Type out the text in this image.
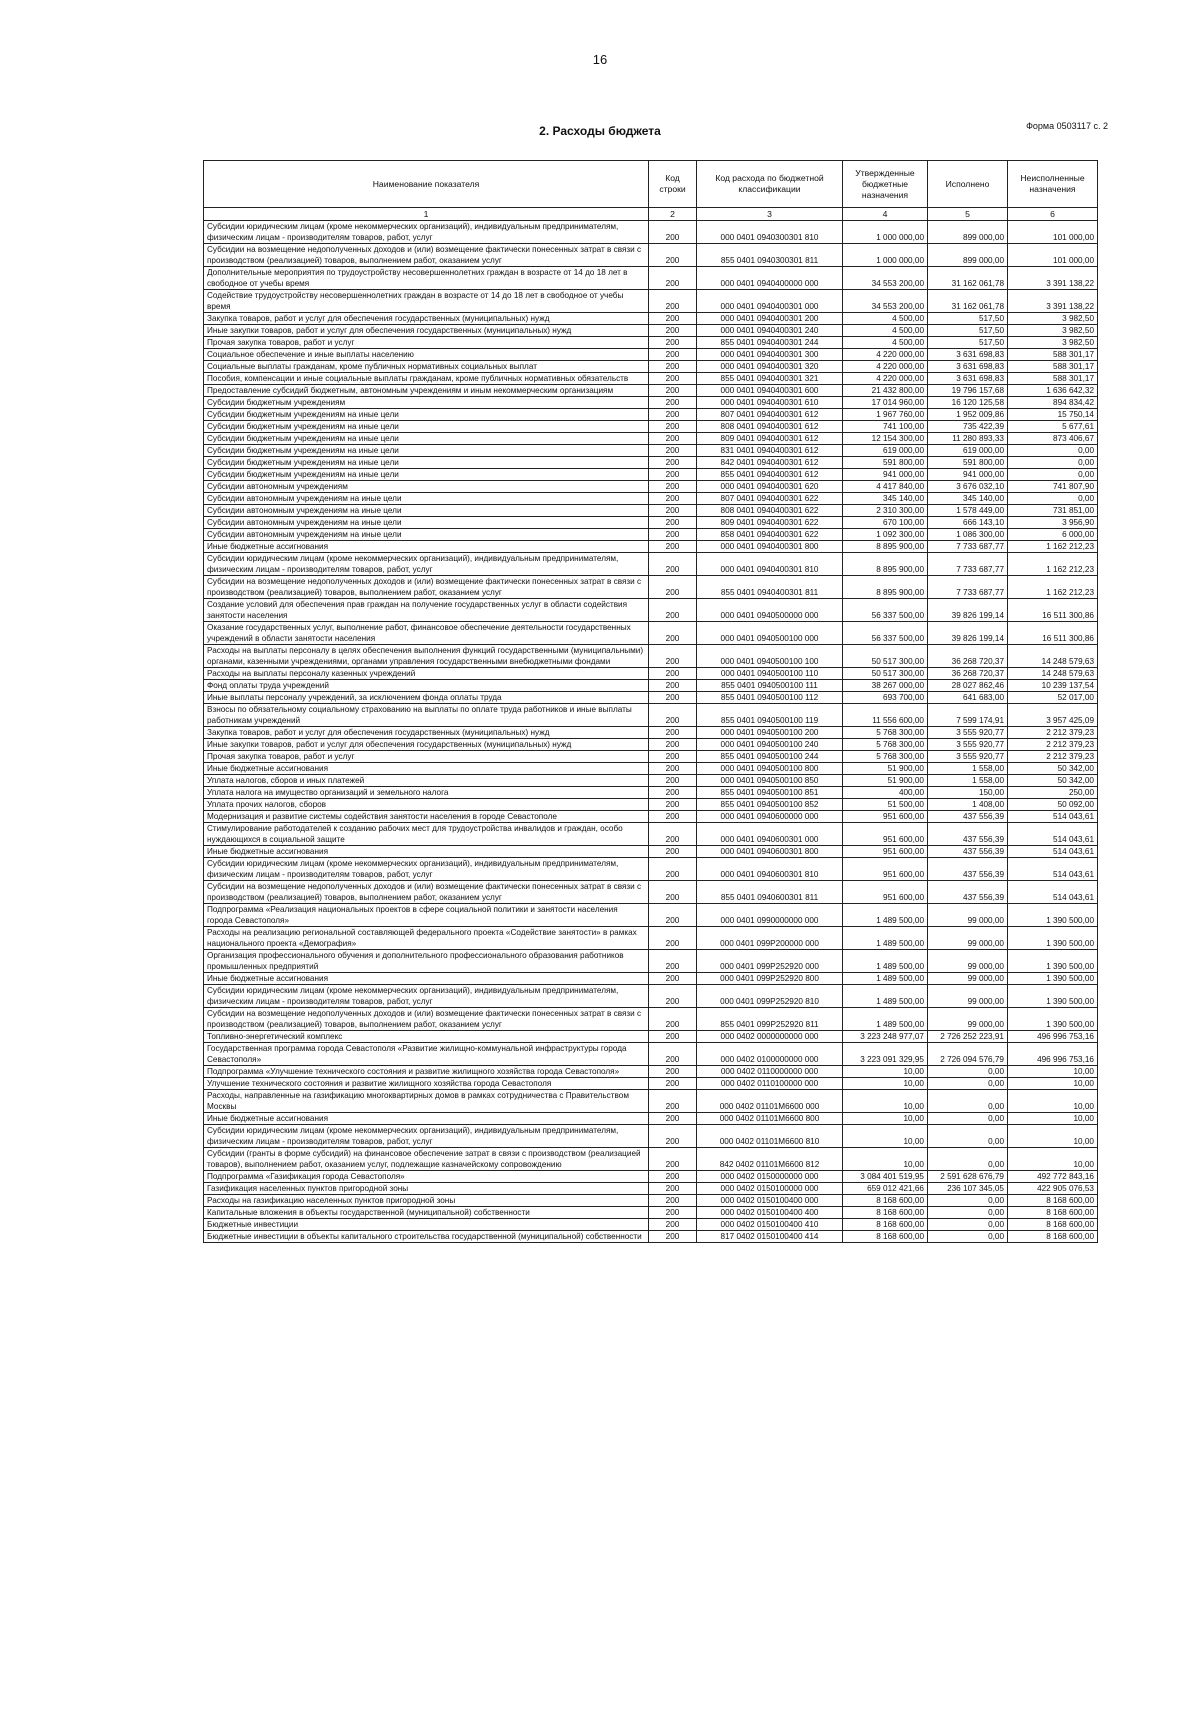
16
Форма 0503117 с. 2
2. Расходы бюджета
Наименование показателя	Код строки	Код расхода по бюджетной классификации	Утвержденные бюджетные назначения	Исполнено	Неисполненные назначения
1	2	3	4	5	6
Субсидии юридическим лицам (кроме некоммерческих организаций), индивидуальным предпринимателям, физическим лицам - производителям товаров, работ, услуг	200	000 0401 0940300301 810	1 000 000,00	899 000,00	101 000,00
Субсидии на возмещение недополученных доходов и (или) возмещение фактически понесенных затрат в связи с производством (реализацией) товаров, выполнением работ, оказанием услуг	200	855 0401 0940300301 811	1 000 000,00	899 000,00	101 000,00
Дополнительные мероприятия по трудоустройству несовершеннолетних граждан в возрасте от 14 до 18 лет в свободное от учебы время	200	000 0401 0940400000 000	34 553 200,00	31 162 061,78	3 391 138,22
Содействие трудоустройству несовершеннолетних граждан в возрасте от 14 до 18 лет в свободное от учебы время	200	000 0401 0940400301 000	34 553 200,00	31 162 061,78	3 391 138,22
Закупка товаров, работ и услуг для обеспечения государственных (муниципальных) нужд	200	000 0401 0940400301 200	4 500,00	517,50	3 982,50
Иные закупки товаров, работ и услуг для обеспечения государственных (муниципальных) нужд	200	000 0401 0940400301 240	4 500,00	517,50	3 982,50
Прочая закупка товаров, работ и услуг	200	855 0401 0940400301 244	4 500,00	517,50	3 982,50
Социальное обеспечение и иные выплаты населению	200	000 0401 0940400301 300	4 220 000,00	3 631 698,83	588 301,17
Социальные выплаты гражданам, кроме публичных нормативных социальных выплат	200	000 0401 0940400301 320	4 220 000,00	3 631 698,83	588 301,17
Пособия, компенсации и иные социальные выплаты гражданам, кроме публичных нормативных обязательств	200	855 0401 0940400301 321	4 220 000,00	3 631 698,83	588 301,17
Предоставление субсидий бюджетным, автономным учреждениям и иным некоммерческим организациям	200	000 0401 0940400301 600	21 432 800,00	19 796 157,68	1 636 642,32
Субсидии бюджетным учреждениям	200	000 0401 0940400301 610	17 014 960,00	16 120 125,58	894 834,42
Субсидии бюджетным учреждениям на иные цели	200	807 0401 0940400301 612	1 967 760,00	1 952 009,86	15 750,14
Субсидии бюджетным учреждениям на иные цели	200	808 0401 0940400301 612	741 100,00	735 422,39	5 677,61
Субсидии бюджетным учреждениям на иные цели	200	809 0401 0940400301 612	12 154 300,00	11 280 893,33	873 406,67
Субсидии бюджетным учреждениям на иные цели	200	831 0401 0940400301 612	619 000,00	619 000,00	0,00
Субсидии бюджетным учреждениям на иные цели	200	842 0401 0940400301 612	591 800,00	591 800,00	0,00
Субсидии бюджетным учреждениям на иные цели	200	855 0401 0940400301 612	941 000,00	941 000,00	0,00
Субсидии автономным учреждениям	200	000 0401 0940400301 620	4 417 840,00	3 676 032,10	741 807,90
Субсидии автономным учреждениям на иные цели	200	807 0401 0940400301 622	345 140,00	345 140,00	0,00
Субсидии автономным учреждениям на иные цели	200	808 0401 0940400301 622	2 310 300,00	1 578 449,00	731 851,00
Субсидии автономным учреждениям на иные цели	200	809 0401 0940400301 622	670 100,00	666 143,10	3 956,90
Субсидии автономным учреждениям на иные цели	200	858 0401 0940400301 622	1 092 300,00	1 086 300,00	6 000,00
Иные бюджетные ассигнования	200	000 0401 0940400301 800	8 895 900,00	7 733 687,77	1 162 212,23
Субсидии юридическим лицам (кроме некоммерческих организаций), индивидуальным предпринимателям, физическим лицам - производителям товаров, работ, услуг	200	000 0401 0940400301 810	8 895 900,00	7 733 687,77	1 162 212,23
Субсидии на возмещение недополученных доходов и (или) возмещение фактически понесенных затрат в связи с производством (реализацией) товаров, выполнением работ, оказанием услуг	200	855 0401 0940400301 811	8 895 900,00	7 733 687,77	1 162 212,23
Создание условий для обеспечения прав граждан на получение государственных услуг в области содействия занятости населения	200	000 0401 0940500000 000	56 337 500,00	39 826 199,14	16 511 300,86
Оказание государственных услуг, выполнение работ, финансовое обеспечение деятельности государственных учреждений в области занятости населения	200	000 0401 0940500100 000	56 337 500,00	39 826 199,14	16 511 300,86
Расходы на выплаты персоналу в целях обеспечения выполнения функций государственными (муниципальными) органами, казенными учреждениями, органами управления государственными внебюджетными фондами	200	000 0401 0940500100 100	50 517 300,00	36 268 720,37	14 248 579,63
Расходы на выплаты персоналу казенных учреждений	200	000 0401 0940500100 110	50 517 300,00	36 268 720,37	14 248 579,63
Фонд оплаты труда учреждений	200	855 0401 0940500100 111	38 267 000,00	28 027 862,46	10 239 137,54
Иные выплаты персоналу учреждений, за исключением фонда оплаты труда	200	855 0401 0940500100 112	693 700,00	641 683,00	52 017,00
Взносы по обязательному социальному страхованию на выплаты по оплате труда работников и иные выплаты работникам учреждений	200	855 0401 0940500100 119	11 556 600,00	7 599 174,91	3 957 425,09
Закупка товаров, работ и услуг для обеспечения государственных (муниципальных) нужд	200	000 0401 0940500100 200	5 768 300,00	3 555 920,77	2 212 379,23
Иные закупки товаров, работ и услуг для обеспечения государственных (муниципальных) нужд	200	000 0401 0940500100 240	5 768 300,00	3 555 920,77	2 212 379,23
Прочая закупка товаров, работ и услуг	200	855 0401 0940500100 244	5 768 300,00	3 555 920,77	2 212 379,23
Иные бюджетные ассигнования	200	000 0401 0940500100 800	51 900,00	1 558,00	50 342,00
Уплата налогов, сборов и иных платежей	200	000 0401 0940500100 850	51 900,00	1 558,00	50 342,00
Уплата налога на имущество организаций и земельного налога	200	855 0401 0940500100 851	400,00	150,00	250,00
Уплата прочих налогов, сборов	200	855 0401 0940500100 852	51 500,00	1 408,00	50 092,00
Модернизация и развитие системы содействия занятости населения в городе Севастополе	200	000 0401 0940600000 000	951 600,00	437 556,39	514 043,61
Стимулирование работодателей к созданию рабочих мест для трудоустройства инвалидов и граждан, особо нуждающихся в социальной защите	200	000 0401 0940600301 000	951 600,00	437 556,39	514 043,61
Иные бюджетные ассигнования	200	000 0401 0940600301 800	951 600,00	437 556,39	514 043,61
Субсидии юридическим лицам (кроме некоммерческих организаций), индивидуальным предпринимателям, физическим лицам - производителям товаров, работ, услуг	200	000 0401 0940600301 810	951 600,00	437 556,39	514 043,61
Субсидии на возмещение недополученных доходов и (или) возмещение фактически понесенных затрат в связи с производством (реализацией) товаров, выполнением работ, оказанием услуг	200	855 0401 0940600301 811	951 600,00	437 556,39	514 043,61
Подпрограмма «Реализация национальных проектов в сфере социальной политики и занятости населения города Севастополя»	200	000 0401 0990000000 000	1 489 500,00	99 000,00	1 390 500,00
Расходы на реализацию региональной составляющей федерального проекта «Содействие занятости» в рамках национального проекта «Демография»	200	000 0401 099P200000 000	1 489 500,00	99 000,00	1 390 500,00
Организация профессионального обучения и дополнительного профессионального образования работников промышленных предприятий	200	000 0401 099P252920 000	1 489 500,00	99 000,00	1 390 500,00
Иные бюджетные ассигнования	200	000 0401 099P252920 800	1 489 500,00	99 000,00	1 390 500,00
Субсидии юридическим лицам (кроме некоммерческих организаций), индивидуальным предпринимателям, физическим лицам - производителям товаров, работ, услуг	200	000 0401 099P252920 810	1 489 500,00	99 000,00	1 390 500,00
Субсидии на возмещение недополученных доходов и (или) возмещение фактически понесенных затрат в связи с производством (реализацией) товаров, выполнением работ, оказанием услуг	200	855 0401 099P252920 811	1 489 500,00	99 000,00	1 390 500,00
Топливно-энергетический комплекс	200	000 0402 0000000000 000	3 223 248 977,07	2 726 252 223,91	496 996 753,16
Государственная программа города Севастополя «Развитие жилищно-коммунальной инфраструктуры города Севастополя»	200	000 0402 0100000000 000	3 223 091 329,95	2 726 094 576,79	496 996 753,16
Подпрограмма «Улучшение технического состояния и развитие жилищного хозяйства города Севастополя»	200	000 0402 0110000000 000	10,00	0,00	10,00
Улучшение технического состояния и развитие жилищного хозяйства города Севастополя	200	000 0402 0110100000 000	10,00	0,00	10,00
Расходы, направленные на газификацию многоквартирных домов в рамках сотрудничества с Правительством Москвы	200	000 0402 01101M6600 000	10,00	0,00	10,00
Иные бюджетные ассигнования	200	000 0402 01101M6600 800	10,00	0,00	10,00
Субсидии юридическим лицам (кроме некоммерческих организаций), индивидуальным предпринимателям, физическим лицам - производителям товаров, работ, услуг	200	000 0402 01101M6600 810	10,00	0,00	10,00
Субсидии (гранты в форме субсидий) на финансовое обеспечение затрат в связи с производством (реализацией товаров), выполнением работ, оказанием услуг, подлежащие казначейскому сопровождению	200	842 0402 01101M6600 812	10,00	0,00	10,00
Подпрограмма «Газификация города Севастополя»	200	000 0402 0150000000 000	3 084 401 519,95	2 591 628 676,79	492 772 843,16
Газификация населенных пунктов пригородной зоны	200	000 0402 0150100000 000	659 012 421,66	236 107 345,05	422 905 076,53
Расходы на газификацию населенных пунктов пригородной зоны	200	000 0402 0150100400 000	8 168 600,00	0,00	8 168 600,00
Капитальные вложения в объекты государственной (муниципальной) собственности	200	000 0402 0150100400 400	8 168 600,00	0,00	8 168 600,00
Бюджетные инвестиции	200	000 0402 0150100400 410	8 168 600,00	0,00	8 168 600,00
Бюджетные инвестиции в объекты капитального строительства государственной (муниципальной) собственности	200	817 0402 0150100400 414	8 168 600,00	0,00	8 168 600,00
